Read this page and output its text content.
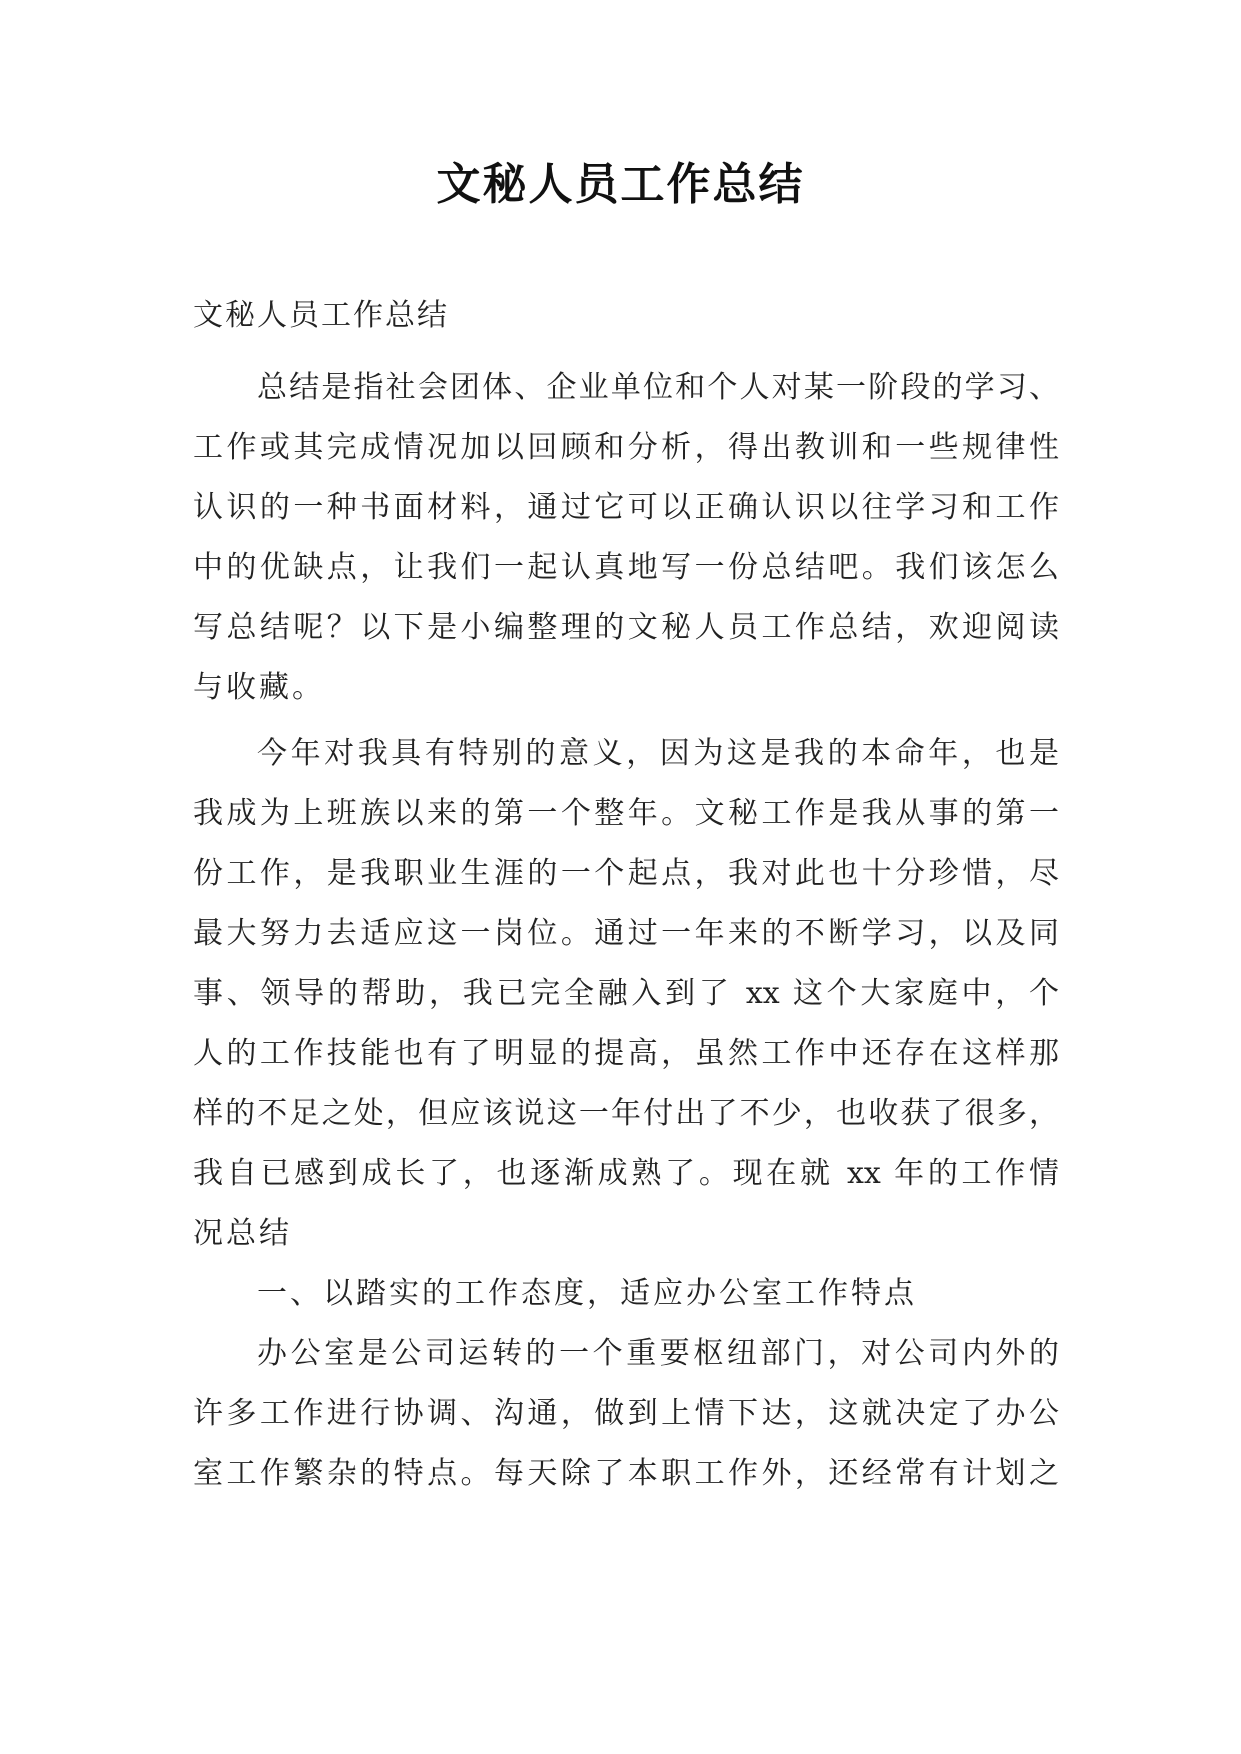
文秘人员工作总结
文秘人员工作总结
总结是指社会团体、企业单位和个人对某一阶段的学习、
工作或其完成情况加以回顾和分析，得出教训和一些规律性
认识的一种书面材料，通过它可以正确认识以往学习和工作
中的优缺点，让我们一起认真地写一份总结吧。我们该怎么
写总结呢？以下是小编整理的文秘人员工作总结，欢迎阅读
与收藏。
今年对我具有特别的意义，因为这是我的本命年，也是
我成为上班族以来的第一个整年。文秘工作是我从事的第一
份工作，是我职业生涯的一个起点，我对此也十分珍惜，尽
最大努力去适应这一岗位。通过一年来的不断学习，以及同
事、领导的帮助，我已完全融入到了 xx 这个大家庭中，个
人的工作技能也有了明显的提高，虽然工作中还存在这样那
样的不足之处，但应该说这一年付出了不少，也收获了很多，
我自已感到成长了，也逐渐成熟了。现在就 xx 年的工作情
况总结
一、以踏实的工作态度，适应办公室工作特点
办公室是公司运转的一个重要枢纽部门，对公司内外的
许多工作进行协调、沟通，做到上情下达，这就决定了办公
室工作繁杂的特点。每天除了本职工作外，还经常有计划之
